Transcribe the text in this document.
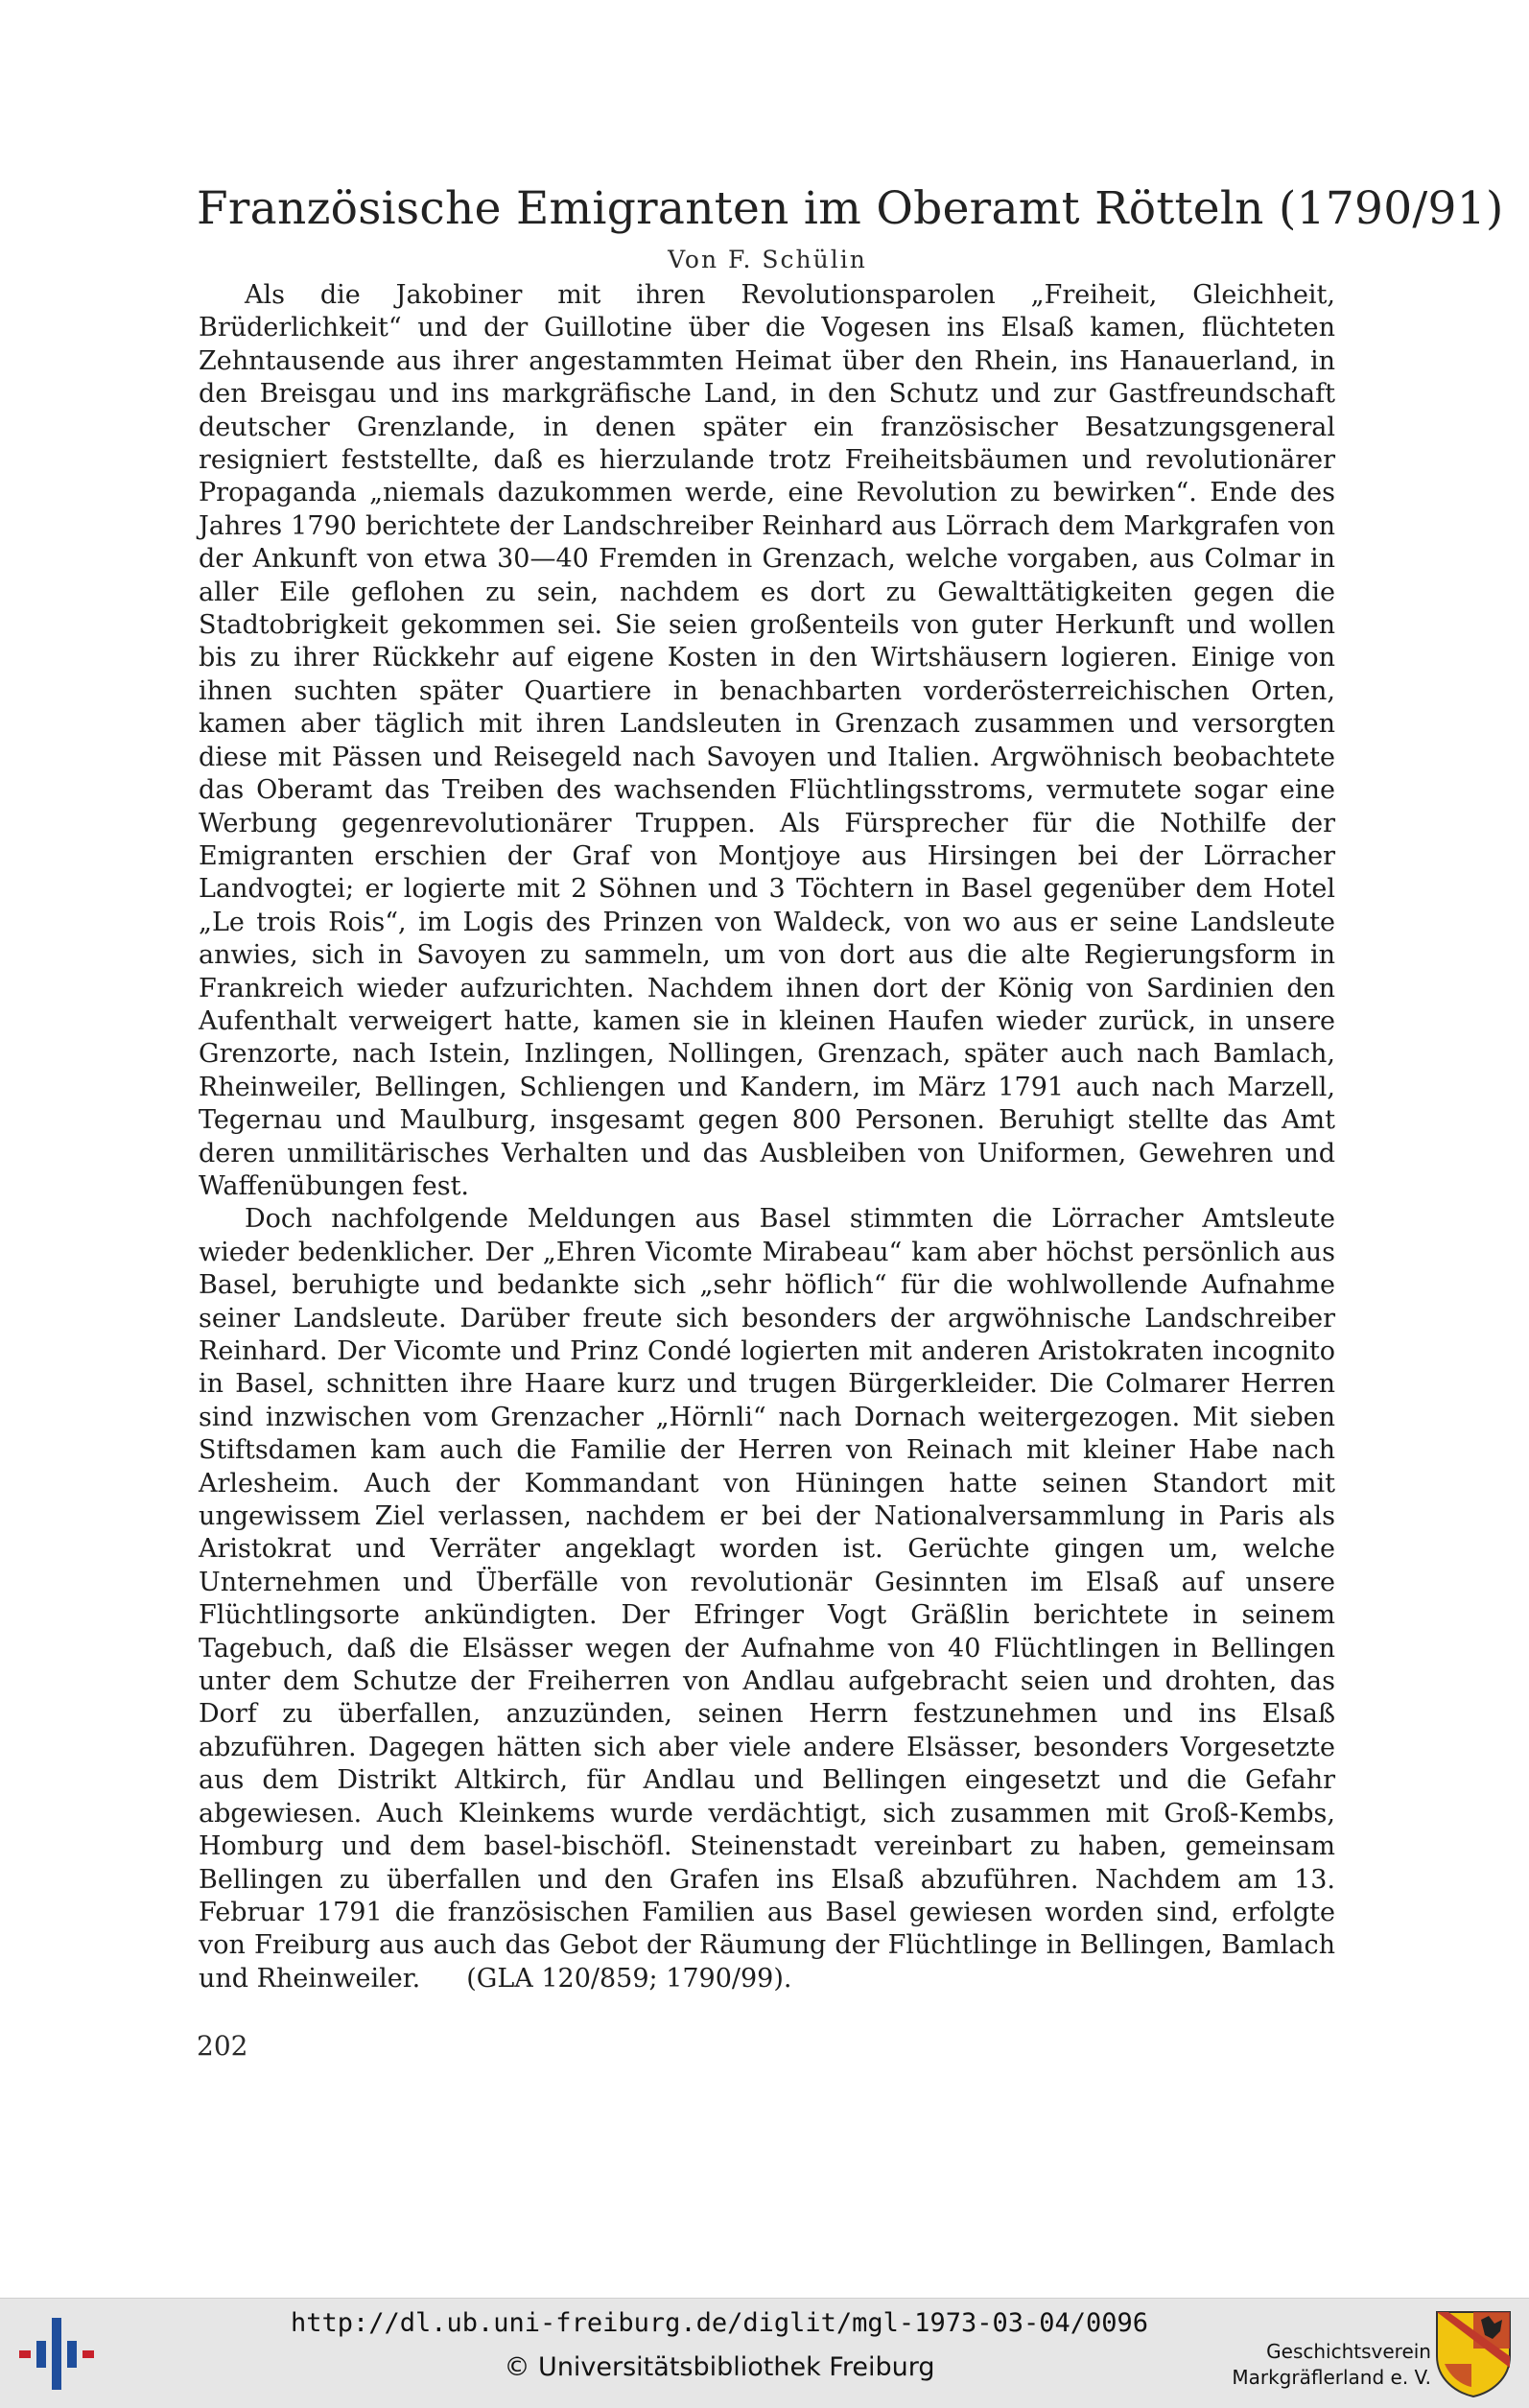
Französische Emigranten im Oberamt Rötteln (1790/91)
Von F. Schülin

Als die Jakobiner mit ihren Revolutionsparolen „Freiheit, Gleichheit, Brüderlichkeit“ und der Guillotine über die Vogesen ins Elsaß kamen, flüchteten Zehntausende aus ihrer angestammten Heimat über den Rhein, ins Hanauerland, in den Breisgau und ins markgräfische Land, in den Schutz und zur Gastfreundschaft deutscher Grenzlande, in denen später ein französischer Besatzungsgeneral resigniert feststellte, daß es hierzulande trotz Freiheitsbäumen und revolutionärer Propaganda „niemals dazukommen werde, eine Revolution zu bewirken“. Ende des Jahres 1790 berichtete der Landschreiber Reinhard aus Lörrach dem Markgrafen von der Ankunft von etwa 30—40 Fremden in Grenzach, welche vorgaben, aus Colmar in aller Eile geflohen zu sein, nachdem es dort zu Gewalttätigkeiten gegen die Stadtobrigkeit gekommen sei. Sie seien großenteils von guter Herkunft und wollen bis zu ihrer Rückkehr auf eigene Kosten in den Wirtshäusern logieren. Einige von ihnen suchten später Quartiere in benachbarten vorderösterreichischen Orten, kamen aber täglich mit ihren Landsleuten in Grenzach zusammen und versorgten diese mit Pässen und Reisegeld nach Savoyen und Italien. Argwöhnisch beobachtete das Oberamt das Treiben des wachsenden Flüchtlingsstroms, vermutete sogar eine Werbung gegenrevolutionärer Truppen. Als Fürsprecher für die Nothilfe der Emigranten erschien der Graf von Montjoye aus Hirsingen bei der Lörracher Landvogtei; er logierte mit 2 Söhnen und 3 Töchtern in Basel gegenüber dem Hotel „Le trois Rois“, im Logis des Prinzen von Waldeck, von wo aus er seine Landsleute anwies, sich in Savoyen zu sammeln, um von dort aus die alte Regierungsform in Frankreich wieder aufzurichten. Nachdem ihnen dort der König von Sardinien den Aufenthalt verweigert hatte, kamen sie in kleinen Haufen wieder zurück, in unsere Grenzorte, nach Istein, Inzlingen, Nollingen, Grenzach, später auch nach Bamlach, Rheinweiler, Bellingen, Schliengen und Kandern, im März 1791 auch nach Marzell, Tegernau und Maulburg, insgesamt gegen 800 Personen. Beruhigt stellte das Amt deren unmilitärisches Verhalten und das Ausbleiben von Uniformen, Gewehren und Waffenübungen fest.

Doch nachfolgende Meldungen aus Basel stimmten die Lörracher Amtsleute wieder bedenklicher. Der „Ehren Vicomte Mirabeau“ kam aber höchst persönlich aus Basel, beruhigte und bedankte sich „sehr höflich“ für die wohlwollende Aufnahme seiner Landsleute. Darüber freute sich besonders der argwöhnische Landschreiber Reinhard. Der Vicomte und Prinz Condé logierten mit anderen Aristokraten incognito in Basel, schnitten ihre Haare kurz und trugen Bürgerkleider. Die Colmarer Herren sind inzwischen vom Grenzacher „Hörnli“ nach Dornach weitergezogen. Mit sieben Stiftsdamen kam auch die Familie der Herren von Reinach mit kleiner Habe nach Arlesheim. Auch der Kommandant von Hüningen hatte seinen Standort mit ungewissem Ziel verlassen, nachdem er bei der Nationalversammlung in Paris als Aristokrat und Verräter angeklagt worden ist. Gerüchte gingen um, welche Unternehmen und Überfälle von revolutionär Gesinnten im Elsaß auf unsere Flüchtlingsorte ankündigten. Der Efringer Vogt Gräßlin berichtete in seinem Tagebuch, daß die Elsässer wegen der Aufnahme von 40 Flüchtlingen in Bellingen unter dem Schutze der Freiherren von Andlau aufgebracht seien und drohten, das Dorf zu überfallen, anzuzünden, seinen Herrn festzunehmen und ins Elsaß abzuführen. Dagegen hätten sich aber viele andere Elsässer, besonders Vorgesetzte aus dem Distrikt Altkirch, für Andlau und Bellingen eingesetzt und die Gefahr abgewiesen. Auch Kleinkems wurde verdächtigt, sich zusammen mit Groß-Kembs, Homburg und dem basel-bischöfl. Steinenstadt vereinbart zu haben, gemeinsam Bellingen zu überfallen und den Grafen ins Elsaß abzuführen. Nachdem am 13. Februar 1791 die französischen Familien aus Basel gewiesen worden sind, erfolgte von Freiburg aus auch das Gebot der Räumung der Flüchtlinge in Bellingen, Bamlach und Rheinweiler. (GLA 120/859; 1790/99).

202
http://dl.ub.uni-freiburg.de/diglit/mgl-1973-03-04/0096
© Universitätsbibliothek Freiburg
Geschichtsverein
Markgräflerland e. V.
